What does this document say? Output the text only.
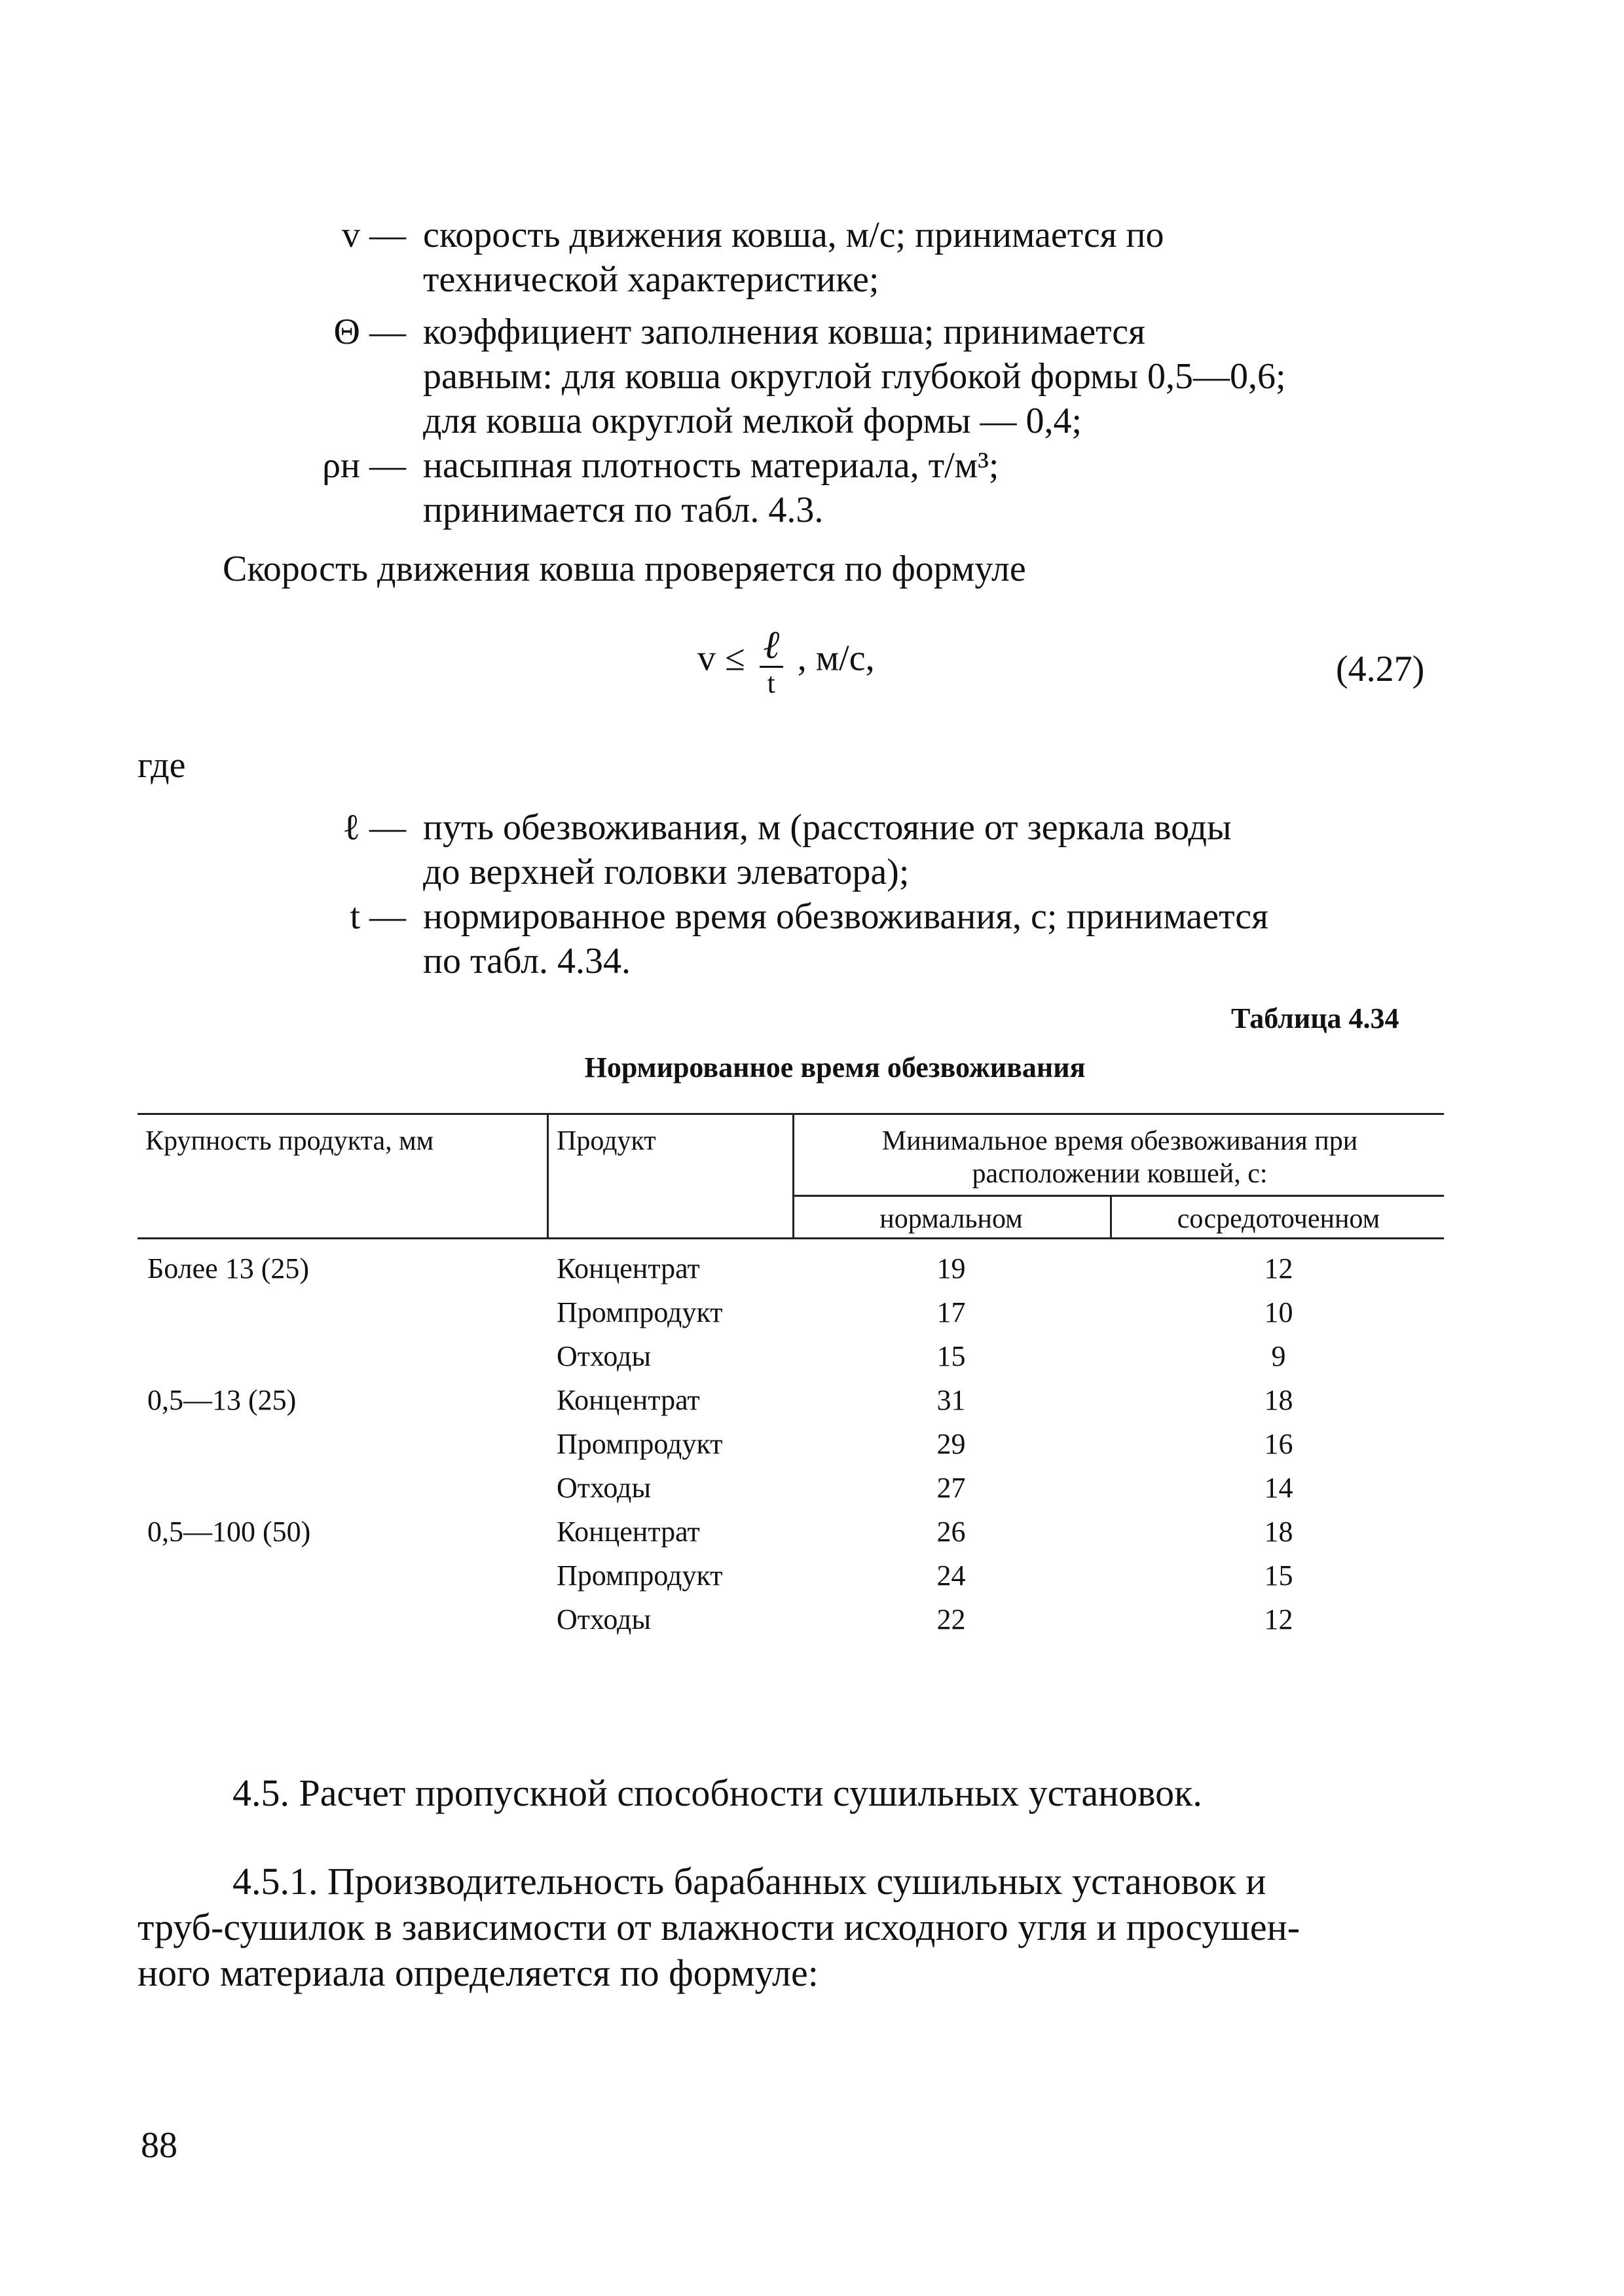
v — скорость движения ковша, м/с; принимается по
технической характеристике;
Θ — коэффициент заполнения ковша; принимается
равным: для ковша округлой глубокой формы 0,5—0,6;
для ковша округлой мелкой формы — 0,4;
ρн — насыпная плотность материала, т/м³;
принимается по табл. 4.3.
Скорость движения ковша проверяется по формуле
$v \le \frac{\text{ℓ}}{t}$ , м/с,	(4.27)
где
ℓ — путь обезвоживания, м (расстояние от зеркала воды
до верхней головки элеватора);
t — нормированное время обезвоживания, с; принимается
по табл. 4.34.
Таблица 4.34
Нормированное время обезвоживания
Крупность продукта, мм	Продукт	Минимальное время обезвоживания при расположении ковшей, с:
нормальном	сосредоточенном
Более 13 (25)	Концентрат	19	12
Промпродукт	17	10
Отходы	15	9
0,5—13 (25)	Концентрат	31	18
Промпродукт	29	16
Отходы	27	14
0,5—100 (50)	Концентрат	26	18
Промпродукт	24	15
Отходы	22	12
4.5. Расчет пропускной способности сушильных установок.
4.5.1. Производительность барабанных сушильных установок и
труб-сушилок в зависимости от влажности исходного угля и просушен-
ного материала определяется по формуле:
88
